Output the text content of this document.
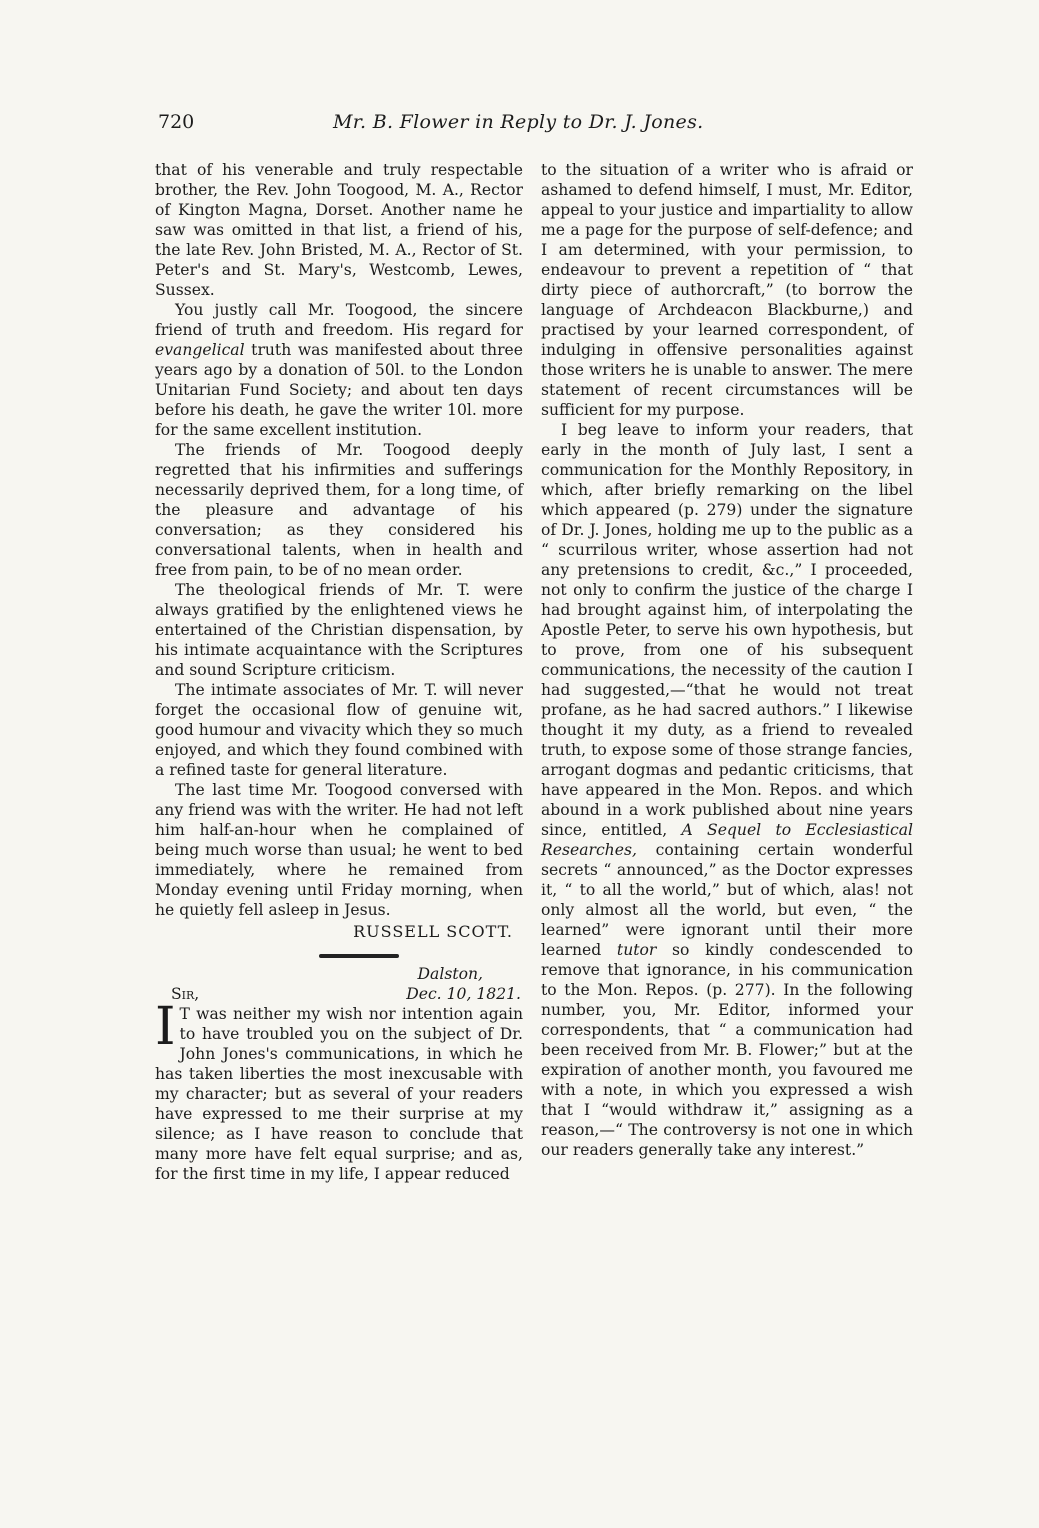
720	Mr. B. Flower in Reply to Dr. J. Jones.

that of his venerable and truly respectable brother, the Rev. John Toogood, M. A., Rector of Kington Magna, Dorset. Another name he saw was omitted in that list, a friend of his, the late Rev. John Bristed, M. A., Rector of St. Peter's and St. Mary's, Westcomb, Lewes, Sussex.

You justly call Mr. Toogood, the sincere friend of truth and freedom. His regard for evangelical truth was manifested about three years ago by a donation of 50l. to the London Unitarian Fund Society; and about ten days before his death, he gave the writer 10l. more for the same excellent institution.

The friends of Mr. Toogood deeply regretted that his infirmities and sufferings necessarily deprived them, for a long time, of the pleasure and advantage of his conversation; as they considered his conversational talents, when in health and free from pain, to be of no mean order.

The theological friends of Mr. T. were always gratified by the enlightened views he entertained of the Christian dispensation, by his intimate acquaintance with the Scriptures and sound Scripture criticism.

The intimate associates of Mr. T. will never forget the occasional flow of genuine wit, good humour and vivacity which they so much enjoyed, and which they found combined with a refined taste for general literature.

The last time Mr. Toogood conversed with any friend was with the writer. He had not left him half-an-hour when he complained of being much worse than usual; he went to bed immediately, where he remained from Monday evening until Friday morning, when he quietly fell asleep in Jesus.

RUSSELL SCOTT.
Dalston,
Sir,	Dec. 10, 1821.

I T was neither my wish nor intention again to have troubled you on the subject of Dr. John Jones's communications, in which he has taken liberties the most inexcusable with my character; but as several of your readers have expressed to me their surprise at my silence; as I have reason to conclude that many more have felt equal surprise; and as, for the first time in my life, I appear reduced

to the situation of a writer who is afraid or ashamed to defend himself, I must, Mr. Editor, appeal to your justice and impartiality to allow me a page for the purpose of self-defence; and I am determined, with your permission, to endeavour to prevent a repetition of “ that dirty piece of authorcraft,” (to borrow the language of Archdeacon Blackburne,) and practised by your learned correspondent, of indulging in offensive personalities against those writers he is unable to answer. The mere statement of recent circumstances will be sufficient for my purpose.

I beg leave to inform your readers, that early in the month of July last, I sent a communication for the Monthly Repository, in which, after briefly remarking on the libel which appeared (p. 279) under the signature of Dr. J. Jones, holding me up to the public as a “ scurrilous writer, whose assertion had not any pretensions to credit, &c.,” I proceeded, not only to confirm the justice of the charge I had brought against him, of interpolating the Apostle Peter, to serve his own hypothesis, but to prove, from one of his subsequent communications, the necessity of the caution I had suggested,—“that he would not treat profane, as he had sacred authors.” I likewise thought it my duty, as a friend to revealed truth, to expose some of those strange fancies, arrogant dogmas and pedantic criticisms, that have appeared in the Mon. Repos. and which abound in a work published about nine years since, entitled, A Sequel to Ecclesiastical Researches, containing certain wonderful secrets “ announced,” as the Doctor expresses it, “ to all the world,” but of which, alas! not only almost all the world, but even, “ the learned” were ignorant until their more learned tutor so kindly condescended to remove that ignorance, in his communication to the Mon. Repos. (p. 277). In the following number, you, Mr. Editor, informed your correspondents, that “ a communication had been received from Mr. B. Flower;” but at the expiration of another month, you favoured me with a note, in which you expressed a wish that I “would withdraw it,” assigning as a reason,—“ The controversy is not one in which our readers generally take any interest.”
